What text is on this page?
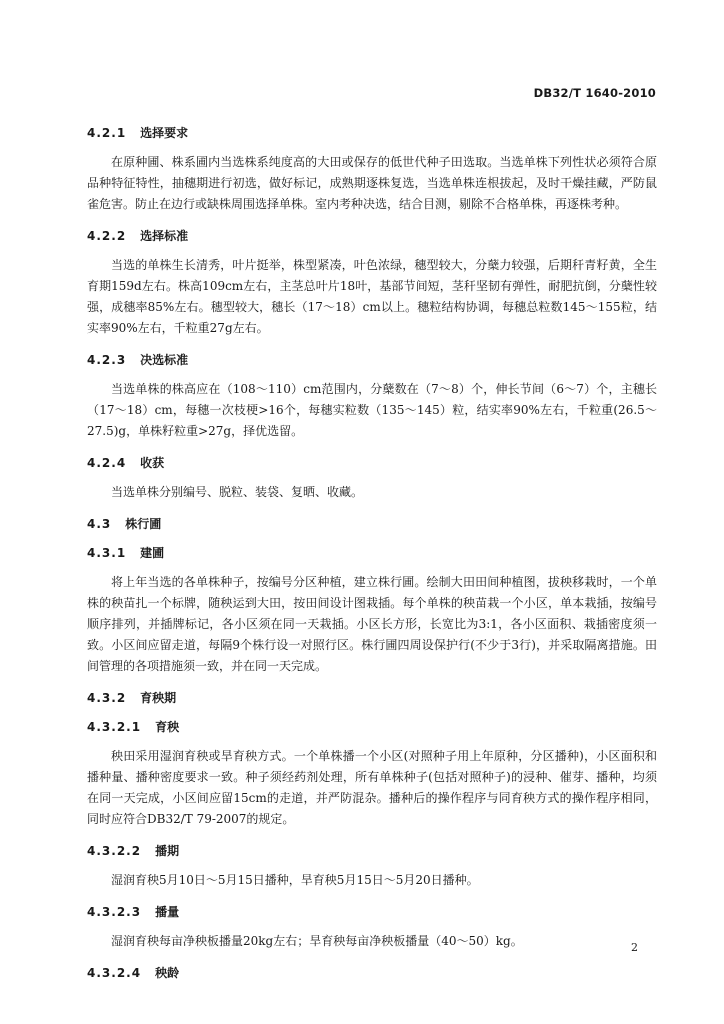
DB32/T 1640-2010
4.2.1 选择要求

在原种圃、株系圃内当选株系纯度高的大田或保存的低世代种子田选取。当选单株下列性状必须符合原品种特征特性，抽穗期进行初选，做好标记，成熟期逐株复选，当选单株连根拔起，及时干燥挂藏，严防鼠雀危害。防止在边行或缺株周围选择单株。室内考种决选，结合目测，剔除不合格单株，再逐株考种。

4.2.2 选择标准

当选的单株生长清秀，叶片挺举，株型紧凑，叶色浓绿，穗型较大，分蘖力较强，后期秆青籽黄，全生育期159d左右。株高109cm左右，主茎总叶片18叶，基部节间短，茎秆坚韧有弹性，耐肥抗倒，分蘖性较强，成穗率85%左右。穗型较大，穗长（17～18）cm以上。穗粒结构协调，每穗总粒数145～155粒，结实率90%左右，千粒重27g左右。

4.2.3 决选标准

当选单株的株高应在（108～110）cm范围内，分蘖数在（7～8）个，伸长节间（6～7）个，主穗长（17～18）cm，每穗一次枝梗>16个，每穗实粒数（135～145）粒，结实率90%左右，千粒重(26.5～27.5)g，单株籽粒重>27g，择优选留。

4.2.4 收获

当选单株分别编号、脱粒、装袋、复晒、收藏。

4.3 株行圃
4.3.1 建圃

将上年当选的各单株种子，按编号分区种植，建立株行圃。绘制大田田间种植图，拔秧移栽时，一个单株的秧苗扎一个标牌，随秧运到大田，按田间设计图栽插。每个单株的秧苗栽一个小区，单本栽插，按编号顺序排列，并插牌标记，各小区须在同一天栽插。小区长方形，长宽比为3:1，各小区面积、栽插密度须一致。小区间应留走道，每隔9个株行设一对照行区。株行圃四周设保护行(不少于3行)，并采取隔离措施。田间管理的各项措施须一致，并在同一天完成。

4.3.2 育秧期
4.3.2.1 育秧

秧田采用湿润育秧或旱育秧方式。一个单株播一个小区(对照种子用上年原种，分区播种)，小区面积和播种量、播种密度要求一致。种子须经药剂处理，所有单株种子(包括对照种子)的浸种、催芽、播种，均须在同一天完成，小区间应留15cm的走道，并严防混杂。播种后的操作程序与同育秧方式的操作程序相同，同时应符合DB32/T 79-2007的规定。

4.3.2.2 播期

湿润育秧5月10日～5月15日播种，旱育秧5月15日～5月20日播种。

4.3.2.3 播量

湿润育秧每亩净秧板播量20kg左右；旱育秧每亩净秧板播量（40～50）kg。

4.3.2.4 秧龄
2
